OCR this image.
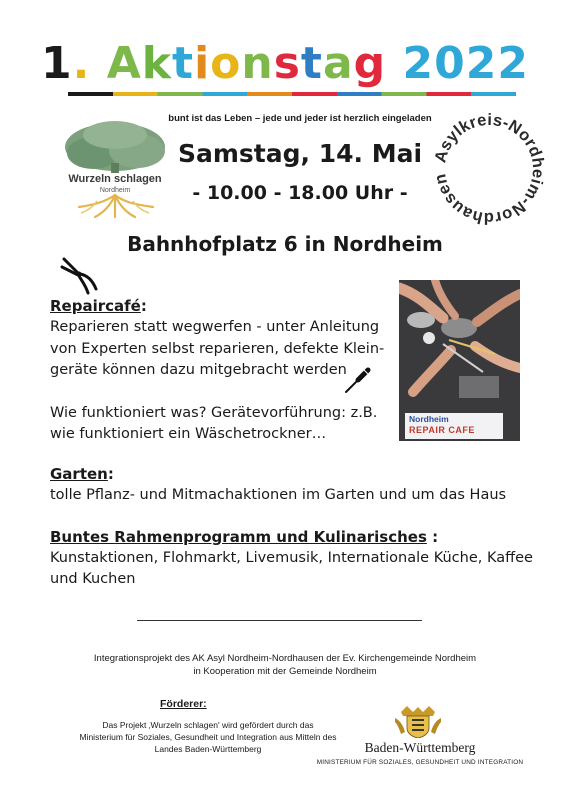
1. Aktionstag 2022
bunt ist das Leben – jede und jeder ist herzlich eingeladen
Wurzeln schlagen
Nordheim
Asylkreis-Nordheim-Nordhausen
Samstag, 14. Mai
- 10.00 - 18.00 Uhr -
Bahnhofplatz 6 in Nordheim
Nordheim
REPAIR CAFE
Repaircafé:
Reparieren statt wegwerfen - unter Anleitung
von Experten selbst reparieren, defekte Klein-
geräte können dazu mitgebracht werden
Wie funktioniert was? Gerätevorführung: z.B.
wie funktioniert ein Wäschetrockner…
Garten:
tolle Pflanz- und Mitmachaktionen im Garten und um das Haus
Buntes Rahmenprogramm und Kulinarisches :
Kunstaktionen, Flohmarkt, Livemusik, Internationale Küche, Kaffee
und Kuchen
Integrationsprojekt des AK Asyl Nordheim-Nordhausen der Ev. Kirchengemeinde Nordheim
in Kooperation mit der Gemeinde Nordheim
Förderer:
Das Projekt ‚Wurzeln schlagen' wird gefördert durch das
Ministerium für Soziales, Gesundheit und Integration aus Mitteln des
Landes Baden-Württemberg	Baden-Württemberg
MINISTERIUM FÜR SOZIALES, GESUNDHEIT UND INTEGRATION
